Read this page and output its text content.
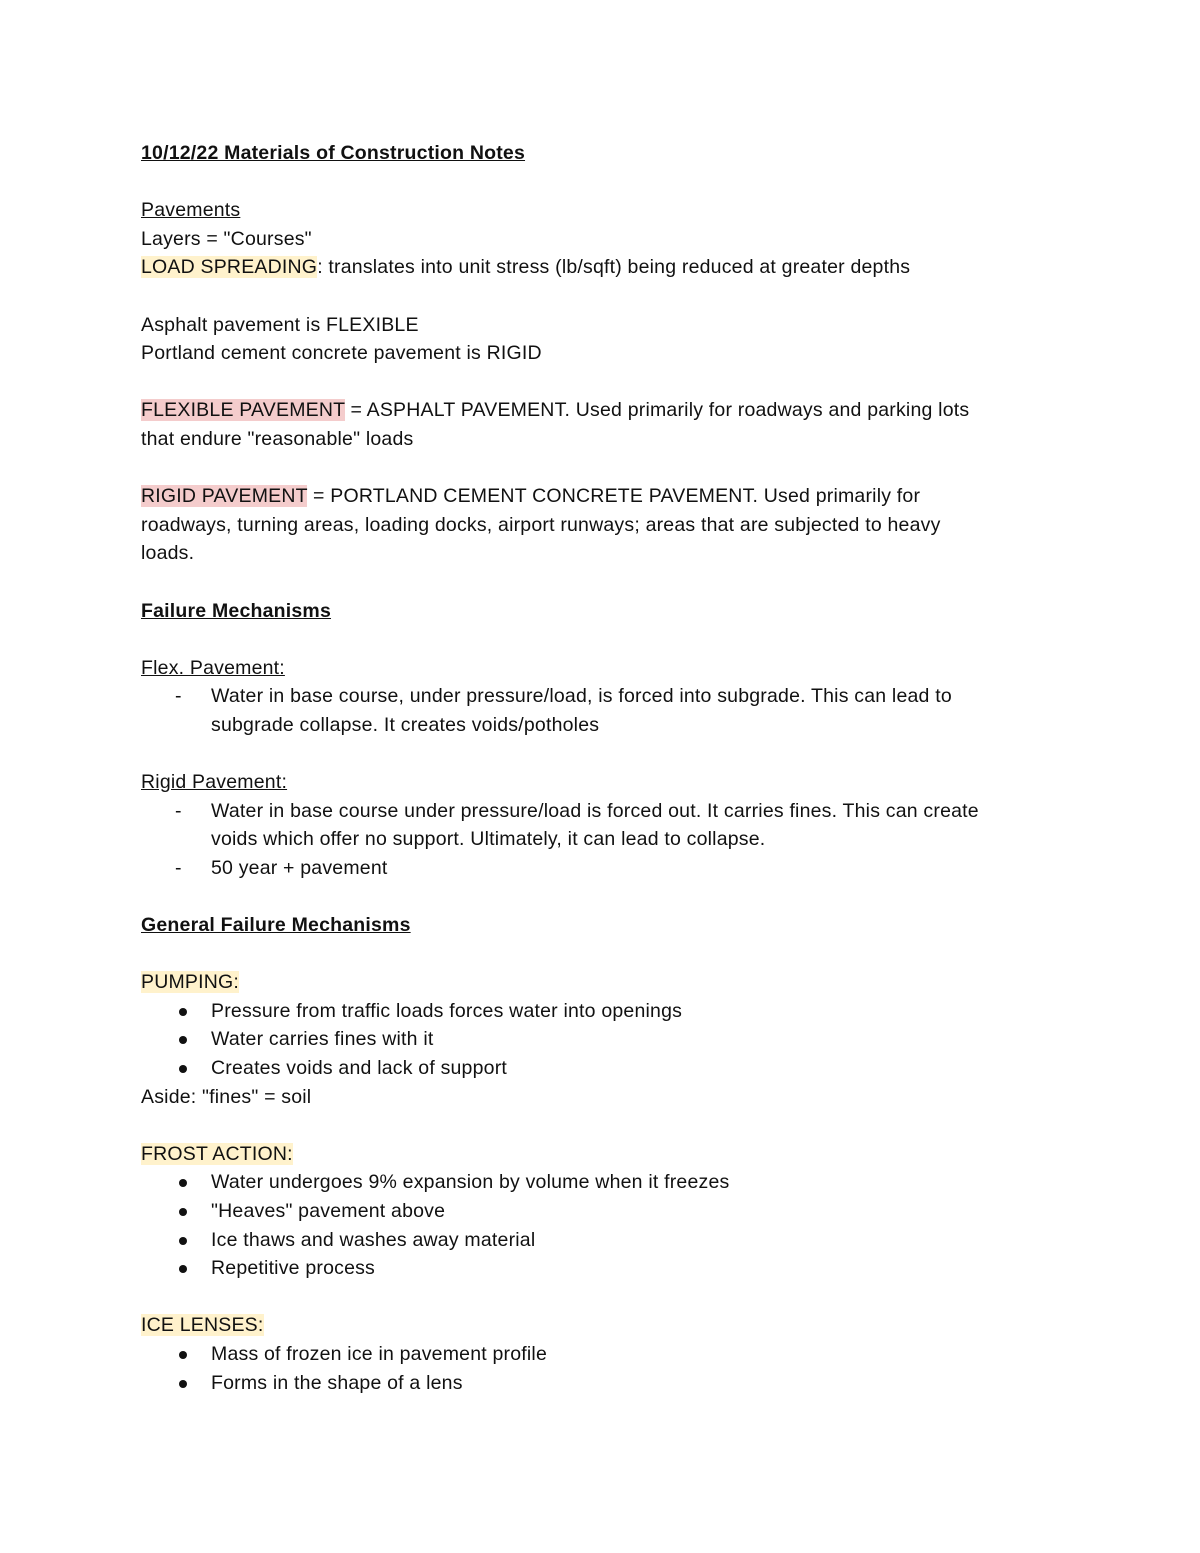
10/12/22 Materials of Construction Notes
Pavements
Layers = "Courses"
LOAD SPREADING: translates into unit stress (lb/sqft) being reduced at greater depths
Asphalt pavement is FLEXIBLE
Portland cement concrete pavement is RIGID
FLEXIBLE PAVEMENT = ASPHALT PAVEMENT. Used primarily for roadways and parking lots
that endure "reasonable" loads
RIGID PAVEMENT = PORTLAND CEMENT CONCRETE PAVEMENT. Used primarily for
roadways, turning areas, loading docks, airport runways; areas that are subjected to heavy
loads.
Failure Mechanisms
Flex. Pavement:
- Water in base course, under pressure/load, is forced into subgrade. This can lead to
subgrade collapse. It creates voids/potholes
Rigid Pavement:
- Water in base course under pressure/load is forced out. It carries fines. This can create
voids which offer no support. Ultimately, it can lead to collapse.
- 50 year + pavement
General Failure Mechanisms
PUMPING:
Pressure from traffic loads forces water into openings
Water carries fines with it
Creates voids and lack of support
Aside: "fines" = soil
FROST ACTION:
Water undergoes 9% expansion by volume when it freezes
"Heaves" pavement above
Ice thaws and washes away material
Repetitive process
ICE LENSES:
Mass of frozen ice in pavement profile
Forms in the shape of a lens
